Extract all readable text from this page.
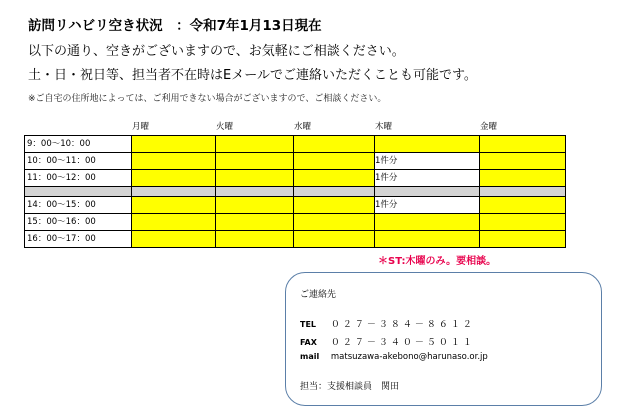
訪問リハビリ空き状況　：令和7年1月13日現在
以下の通り、空きがございますので、お気軽にご相談ください。
土・日・祝日等、担当者不在時はEメールでご連絡いただくことも可能です。
※ご自宅の住所地によっては、ご利用できない場合がございますので、ご相談ください。
月曜	火曜	水曜	木曜	金曜
9：00～10：00					
10：00～11：00				1件分	
11：00～12：00				1件分	

14：00～15：00				1件分	
15：00～16：00					
16：00～17：00					
＊ST:木曜のみ。要相談。
ご連絡先
TEL ０２７－３８４－８６１２
FAX ０２７－３４０－５０１１
mail matsuzawa-akebono@harunaso.or.jp
担当：支援相談員　関田
